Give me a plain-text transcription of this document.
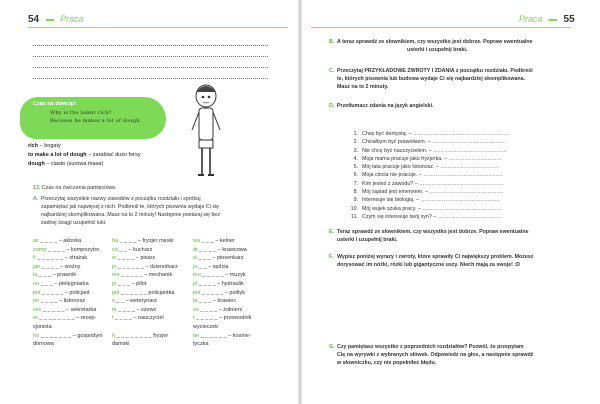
54 Praca
Czas na dowcip!
Why is the baker rich?
Because he makes a lot of dough.
rich – bogaty
to make a lot of dough – zarabiać dużo forsy
dough – ciasto (surowa masa)
13. Czas na ćwiczenia pamięciowe.
A. Przeczytaj wszystkie nazwy zawodów z początku rozdziału i spróbuj
zapamiętać jak najwięcej z nich. Podkreśl te, których pisownia wydaje Ci się
najbardziej skomplikowana. Masz na to 2 minuty! Następnie postaraj się bez
żadnej ściągi uzupełnić luki.
ac _ _ _ _ – aktorka
comp _ _ _ _ – kompozytor
fi _ _ _ _ _ _ – strażak
jan _ _ _ _ – woźny
la _ _ _ – prawnik
nu _ _ _ – pielęgniarka
pol _ _ _ _ _ – policjant
po _ _ _ _ – listonosz
sec _ _ _ _ _ – sekretarka
re _ _ _ _ _ _ _ _ – recep-
cjonista
ho _ _ _ _ _ _ _ – gospodyni
domowa
ha _ _ _ _ – fryzjer męski
co _ _ – kucharz
w _ _ _ _ – pisarz
jo _ _ _ _ _ _ – dziennikarz
me _ _ _ _ _ – mechanik
pi _ _ _ – pilot
pol _ _ _ _ _ _ policjantka
v _ _ – weterynarz
ta _ _ _ _ – szewc
t _ _ _ _ – nauczyciel
h _ _ _ _ _ _ _ _ fryzjer
damski
wa _ _ _ – kelner
dr _ _ _ _ – krawcowa
si _ _ _ – piosenkarz
ju _ _ – sędzia
mu _ _ _ _ _ – muzyk
pl _ _ _ _ – hydraulik
pol _ _ _ _ _ – polityk
ta _ _ _ – krawiec
so _ _ _ _ – żołnierz
t _ _ _ _ _ – przewodnik
wycieczek
be _ _ _ _ _ _ – kosme-
tyczka
Praca 55
B. A teraz sprawdź ze słownikiem, czy wszystko jest dobrze. Popraw ewentualne
usterki i uzupełnij braki.
C. Przeczytaj PRZYKŁADOWE ZWROTY I ZDANIA z początku rozdziału. Podkreśl
te, których pisownia lub budowa wydaje Ci się najbardziej skomplikowana.
Masz na to 2 minuty.
D. Przetłumacz zdania na język angielski.
1. Chcę być dentystą. – ………………………………………………
2. Chciałbym być prawnikiem. – ……………………………………
3. Nie chcę być nauczycielem. – ……………………………………
4. Moja mama pracuje jako fryzjerka. – …………………………
5. Mój tata pracuje jako listonosz. – ……………………………
6. Moja ciocia nie pracuje. – ………………………………………
7. Kim jesteś z zawodu? – …………………………………………
8. Mój sąsiad jest emerytem. – ……………………………………
9. Interesuje się biologią. – ………………………………………
10. Mój wujek szuka pracy. – ………………………………………
11. Czym się interesuje twój syn? – ………………………………
E. Teraz sprawdź ze słownikiem, czy wszystko jest dobrze. Popraw ewentualne
usterki i uzupełnij braki.
F. Wypisz poniżej wyrazy i zwroty, które sprawiły Ci największy problem. Możesz
dorysować im nóżki, rózki lub gigantyczne uszy. Niech mają za swoje! :D
G. Czy pamiętasz wszystko z poprzednich rozdziałów? Pozwól, że przepytam
Cię na wyrywki z wybranych słówek. Odpowiedz na głos, a następnie sprawdź
w słowniczku, czy nie popełniłeś błędu.
